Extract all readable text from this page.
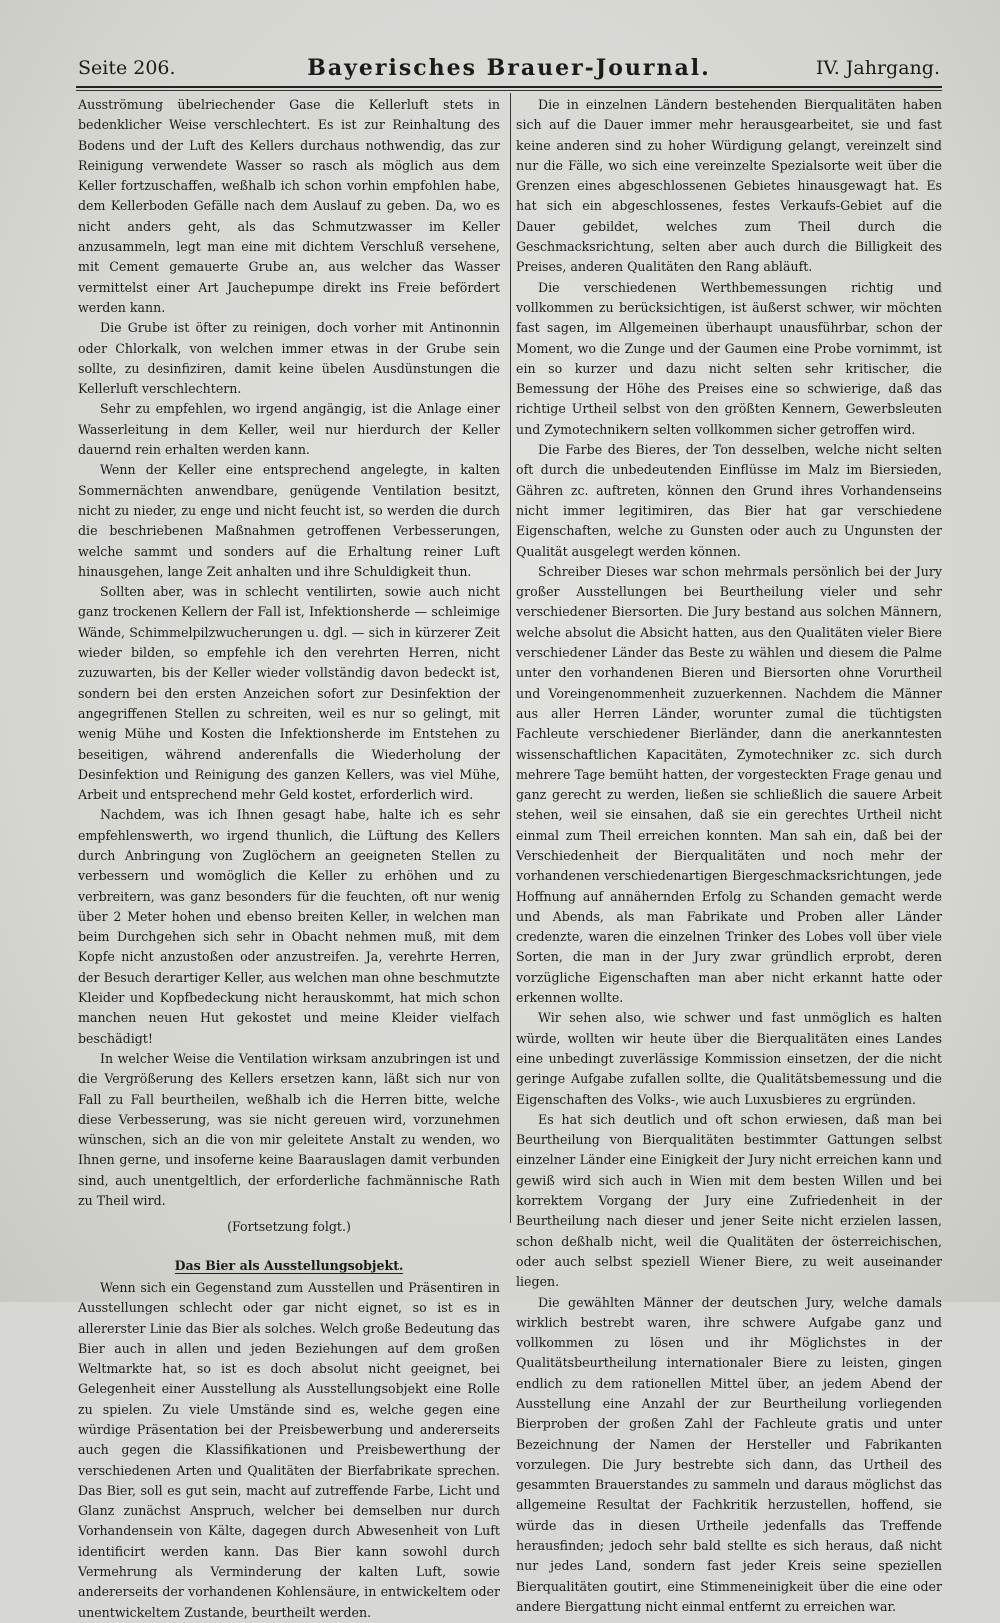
Seite 206.	Bayerisches Brauer-Journal.	IV. Jahrgang.

Ausströmung übelriechender Gase die Kellerluft stets in bedenklicher Weise verschlechtert. Es ist zur Reinhaltung des Bodens und der Luft des Kellers durchaus nothwendig, das zur Reinigung verwendete Wasser so rasch als möglich aus dem Keller fortzuschaffen, weßhalb ich schon vorhin empfohlen habe, dem Kellerboden Gefälle nach dem Auslauf zu geben. Da, wo es nicht anders geht, als das Schmutzwasser im Keller anzusammeln, legt man eine mit dichtem Verschluß versehene, mit Cement gemauerte Grube an, aus welcher das Wasser vermittelst einer Art Jauchepumpe direkt ins Freie befördert werden kann.

Die Grube ist öfter zu reinigen, doch vorher mit Antinonnin oder Chlorkalk, von welchen immer etwas in der Grube sein sollte, zu desinfiziren, damit keine übelen Ausdünstungen die Kellerluft verschlechtern.

Sehr zu empfehlen, wo irgend angängig, ist die Anlage einer Wasserleitung in dem Keller, weil nur hierdurch der Keller dauernd rein erhalten werden kann.

Wenn der Keller eine entsprechend angelegte, in kalten Sommernächten anwendbare, genügende Ventilation besitzt, nicht zu nieder, zu enge und nicht feucht ist, so werden die durch die beschriebenen Maßnahmen getroffenen Verbesserungen, welche sammt und sonders auf die Erhaltung reiner Luft hinausgehen, lange Zeit anhalten und ihre Schuldigkeit thun.

Sollten aber, was in schlecht ventilirten, sowie auch nicht ganz trockenen Kellern der Fall ist, Infektionsherde — schleimige Wände, Schimmelpilzwucherungen u. dgl. — sich in kürzerer Zeit wieder bilden, so empfehle ich den verehrten Herren, nicht zuzuwarten, bis der Keller wieder vollständig davon bedeckt ist, sondern bei den ersten Anzeichen sofort zur Desinfektion der angegriffenen Stellen zu schreiten, weil es nur so gelingt, mit wenig Mühe und Kosten die Infektionsherde im Entstehen zu beseitigen, während anderenfalls die Wiederholung der Desinfektion und Reinigung des ganzen Kellers, was viel Mühe, Arbeit und entsprechend mehr Geld kostet, erforderlich wird.

Nachdem, was ich Ihnen gesagt habe, halte ich es sehr empfehlenswerth, wo irgend thunlich, die Lüftung des Kellers durch Anbringung von Zuglöchern an geeigneten Stellen zu verbessern und womöglich die Keller zu erhöhen und zu verbreitern, was ganz besonders für die feuchten, oft nur wenig über 2 Meter hohen und ebenso breiten Keller, in welchen man beim Durchgehen sich sehr in Obacht nehmen muß, mit dem Kopfe nicht anzustoßen oder anzustreifen. Ja, verehrte Herren, der Besuch derartiger Keller, aus welchen man ohne beschmutzte Kleider und Kopfbedeckung nicht herauskommt, hat mich schon manchen neuen Hut gekostet und meine Kleider vielfach beschädigt!

In welcher Weise die Ventilation wirksam anzubringen ist und die Vergrößerung des Kellers ersetzen kann, läßt sich nur von Fall zu Fall beurtheilen, weßhalb ich die Herren bitte, welche diese Verbesserung, was sie nicht gereuen wird, vorzunehmen wünschen, sich an die von mir geleitete Anstalt zu wenden, wo Ihnen gerne, und insoferne keine Baarauslagen damit verbunden sind, auch unentgeltlich, der erforderliche fachmännische Rath zu Theil wird.

(Fortsetzung folgt.)

Das Bier als Ausstellungsobjekt.

Wenn sich ein Gegenstand zum Ausstellen und Präsentiren in Ausstellungen schlecht oder gar nicht eignet, so ist es in allererster Linie das Bier als solches. Welch große Bedeutung das Bier auch in allen und jeden Beziehungen auf dem großen Weltmarkte hat, so ist es doch absolut nicht geeignet, bei Gelegenheit einer Ausstellung als Ausstellungsobjekt eine Rolle zu spielen. Zu viele Umstände sind es, welche gegen eine würdige Präsentation bei der Preisbewerbung und andererseits auch gegen die Klassifikationen und Preisbewerthung der verschiedenen Arten und Qualitäten der Bierfabrikate sprechen. Das Bier, soll es gut sein, macht auf zutreffende Farbe, Licht und Glanz zunächst Anspruch, welcher bei demselben nur durch Vorhandensein von Kälte, dagegen durch Abwesenheit von Luft identificirt werden kann. Das Bier kann sowohl durch Vermehrung als Verminderung der kalten Luft, sowie andererseits der vorhandenen Kohlensäure, in entwickeltem oder unentwickeltem Zustande, beurtheilt werden.

Die in einzelnen Ländern bestehenden Bierqualitäten haben sich auf die Dauer immer mehr herausgearbeitet, sie und fast keine anderen sind zu hoher Würdigung gelangt, vereinzelt sind nur die Fälle, wo sich eine vereinzelte Spezialsorte weit über die Grenzen eines abgeschlossenen Gebietes hinausgewagt hat. Es hat sich ein abgeschlossenes, festes Verkaufs-Gebiet auf die Dauer gebildet, welches zum Theil durch die Geschmacksrichtung, selten aber auch durch die Billigkeit des Preises, anderen Qualitäten den Rang abläuft.

Die verschiedenen Werthbemessungen richtig und vollkommen zu berücksichtigen, ist äußerst schwer, wir möchten fast sagen, im Allgemeinen überhaupt unausführbar, schon der Moment, wo die Zunge und der Gaumen eine Probe vornimmt, ist ein so kurzer und dazu nicht selten sehr kritischer, die Bemessung der Höhe des Preises eine so schwierige, daß das richtige Urtheil selbst von den größten Kennern, Gewerbsleuten und Zymotechnikern selten vollkommen sicher getroffen wird.

Die Farbe des Bieres, der Ton desselben, welche nicht selten oft durch die unbedeutenden Einflüsse im Malz im Biersieden, Gähren zc. auftreten, können den Grund ihres Vorhandenseins nicht immer legitimiren, das Bier hat gar verschiedene Eigenschaften, welche zu Gunsten oder auch zu Ungunsten der Qualität ausgelegt werden können.

Schreiber Dieses war schon mehrmals persönlich bei der Jury großer Ausstellungen bei Beurtheilung vieler und sehr verschiedener Biersorten. Die Jury bestand aus solchen Männern, welche absolut die Absicht hatten, aus den Qualitäten vieler Biere verschiedener Länder das Beste zu wählen und diesem die Palme unter den vorhandenen Bieren und Biersorten ohne Vorurtheil und Voreingenommenheit zuzuerkennen. Nachdem die Männer aus aller Herren Länder, worunter zumal die tüchtigsten Fachleute verschiedener Bierländer, dann die anerkanntesten wissenschaftlichen Kapacitäten, Zymotechniker zc. sich durch mehrere Tage bemüht hatten, der vorgesteckten Frage genau und ganz gerecht zu werden, ließen sie schließlich die sauere Arbeit stehen, weil sie einsahen, daß sie ein gerechtes Urtheil nicht einmal zum Theil erreichen konnten. Man sah ein, daß bei der Verschiedenheit der Bierqualitäten und noch mehr der vorhandenen verschiedenartigen Biergeschmacksrichtungen, jede Hoffnung auf annähernden Erfolg zu Schanden gemacht werde und Abends, als man Fabrikate und Proben aller Länder credenzte, waren die einzelnen Trinker des Lobes voll über viele Sorten, die man in der Jury zwar gründlich erprobt, deren vorzügliche Eigenschaften man aber nicht erkannt hatte oder erkennen wollte.

Wir sehen also, wie schwer und fast unmöglich es halten würde, wollten wir heute über die Bierqualitäten eines Landes eine unbedingt zuverlässige Kommission einsetzen, der die nicht geringe Aufgabe zufallen sollte, die Qualitätsbemessung und die Eigenschaften des Volks-, wie auch Luxusbieres zu ergründen.

Es hat sich deutlich und oft schon erwiesen, daß man bei Beurtheilung von Bierqualitäten bestimmter Gattungen selbst einzelner Länder eine Einigkeit der Jury nicht erreichen kann und gewiß wird sich auch in Wien mit dem besten Willen und bei korrektem Vorgang der Jury eine Zufriedenheit in der Beurtheilung nach dieser und jener Seite nicht erzielen lassen, schon deßhalb nicht, weil die Qualitäten der österreichischen, oder auch selbst speziell Wiener Biere, zu weit auseinander liegen.

Die gewählten Männer der deutschen Jury, welche damals wirklich bestrebt waren, ihre schwere Aufgabe ganz und vollkommen zu lösen und ihr Möglichstes in der Qualitätsbeurtheilung internationaler Biere zu leisten, gingen endlich zu dem rationellen Mittel über, an jedem Abend der Ausstellung eine Anzahl der zur Beurtheilung vorliegenden Bierproben der großen Zahl der Fachleute gratis und unter Bezeichnung der Namen der Hersteller und Fabrikanten vorzulegen. Die Jury bestrebte sich dann, das Urtheil des gesammten Brauerstandes zu sammeln und daraus möglichst das allgemeine Resultat der Fachkritik herzustellen, hoffend, sie würde das in diesen Urtheile jedenfalls das Treffende herausfinden; jedoch sehr bald stellte es sich heraus, daß nicht nur jedes Land, sondern fast jeder Kreis seine speziellen Bierqualitäten goutirt, eine Stimmeneinigkeit über die eine oder andere Biergattung nicht einmal entfernt zu erreichen war.
